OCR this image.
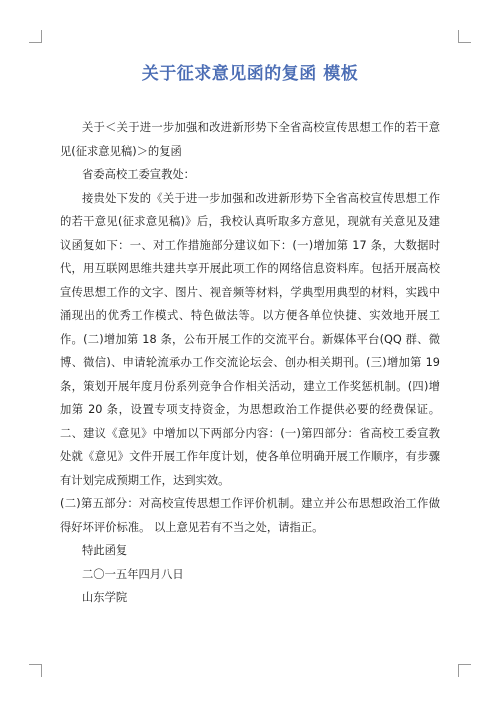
关于征求意见函的复函 模板

关于＜关于进一步加强和改进新形势下全省高校宣传思想工作的若干意见(征求意见稿)＞的复函

省委高校工委宣教处：

接贵处下发的《关于进一步加强和改进新形势下全省高校宣传思想工作的若干意见(征求意见稿)》后，我校认真听取多方意见，现就有关意见及建议函复如下：一、对工作措施部分建议如下：(一)增加第 17 条，大数据时代，用互联网思维共建共享开展此项工作的网络信息资料库。包括开展高校宣传思想工作的文字、图片、视音频等材料，学典型用典型的材料，实践中涌现出的优秀工作模式、特色做法等。以方便各单位快捷、实效地开展工作。(二)增加第 18 条，公布开展工作的交流平台。新媒体平台(QQ 群、微博、微信)、申请轮流承办工作交流论坛会、创办相关期刊。(三)增加第 19 条，策划开展年度月份系列竞争合作相关活动，建立工作奖惩机制。(四)增加第 20 条，设置专项支持资金，为思想政治工作提供必要的经费保证。二、建议《意见》中增加以下两部分内容：(一)第四部分：省高校工委宣教处就《意见》文件开展工作年度计划，使各单位明确开展工作顺序，有步骤有计划完成预期工作，达到实效。

(二)第五部分：对高校宣传思想工作评价机制。建立并公布思想政治工作做得好坏评价标准。 以上意见若有不当之处，请指正。

特此函复

二〇一五年四月八日

山东学院
